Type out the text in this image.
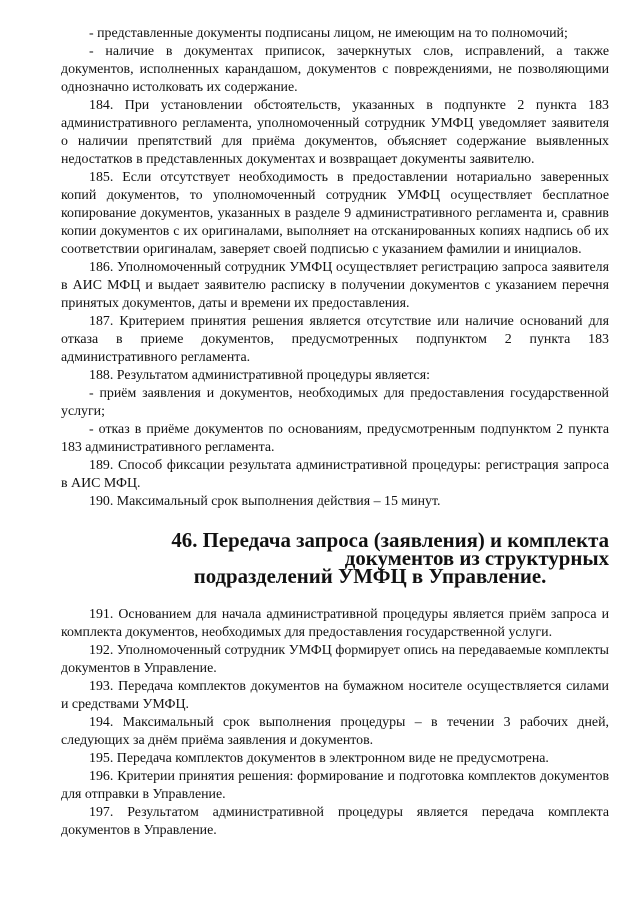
- представленные документы подписаны лицом, не имеющим на то полномочий;

- наличие в документах приписок, зачеркнутых слов, исправлений, а также документов, исполненных карандашом, документов с повреждениями, не позволяющими однозначно истолковать их содержание.

184. При установлении обстоятельств, указанных в подпункте 2 пункта 183 административного регламента, уполномоченный сотрудник УМФЦ уведомляет заявителя о наличии препятствий для приёма документов, объясняет содержание выявленных недостатков в представленных документах и возвращает документы заявителю.

185. Если отсутствует необходимость в предоставлении нотариально заверенных копий документов, то уполномоченный сотрудник УМФЦ осуществляет бесплатное копирование документов, указанных в разделе 9 административного регламента и, сравнив копии документов с их оригиналами, выполняет на отсканированных копиях надпись об их соответствии оригиналам, заверяет своей подписью с указанием фамилии и инициалов.

186. Уполномоченный сотрудник УМФЦ осуществляет регистрацию запроса заявителя в АИС МФЦ и выдает заявителю расписку в получении документов с указанием перечня принятых документов, даты и времени их предоставления.

187. Критерием принятия решения является отсутствие или наличие оснований для отказа в приеме документов, предусмотренных подпунктом 2 пункта 183 административного регламента.

188. Результатом административной процедуры является:

- приём заявления и документов, необходимых для предоставления государственной услуги;

- отказ в приёме документов по основаниям, предусмотренным подпунктом 2 пункта 183 административного регламента.

189. Способ фиксации результата административной процедуры: регистрация запроса в АИС МФЦ.

190. Максимальный срок выполнения действия – 15 минут.

46. Передача запроса (заявления) и комплекта документов из структурных
подразделений УМФЦ в Управление.

191. Основанием для начала административной процедуры является приём запроса и комплекта документов, необходимых для предоставления государственной услуги.

192. Уполномоченный сотрудник УМФЦ формирует опись на передаваемые комплекты документов в Управление.

193. Передача комплектов документов на бумажном носителе осуществляется силами и средствами УМФЦ.

194. Максимальный срок выполнения процедуры – в течении 3 рабочих дней, следующих за днём приёма заявления и документов.

195. Передача комплектов документов в электронном виде не предусмотрена.

196. Критерии принятия решения: формирование и подготовка комплектов документов для отправки в Управление.

197. Результатом административной процедуры является передача комплекта документов в Управление.
